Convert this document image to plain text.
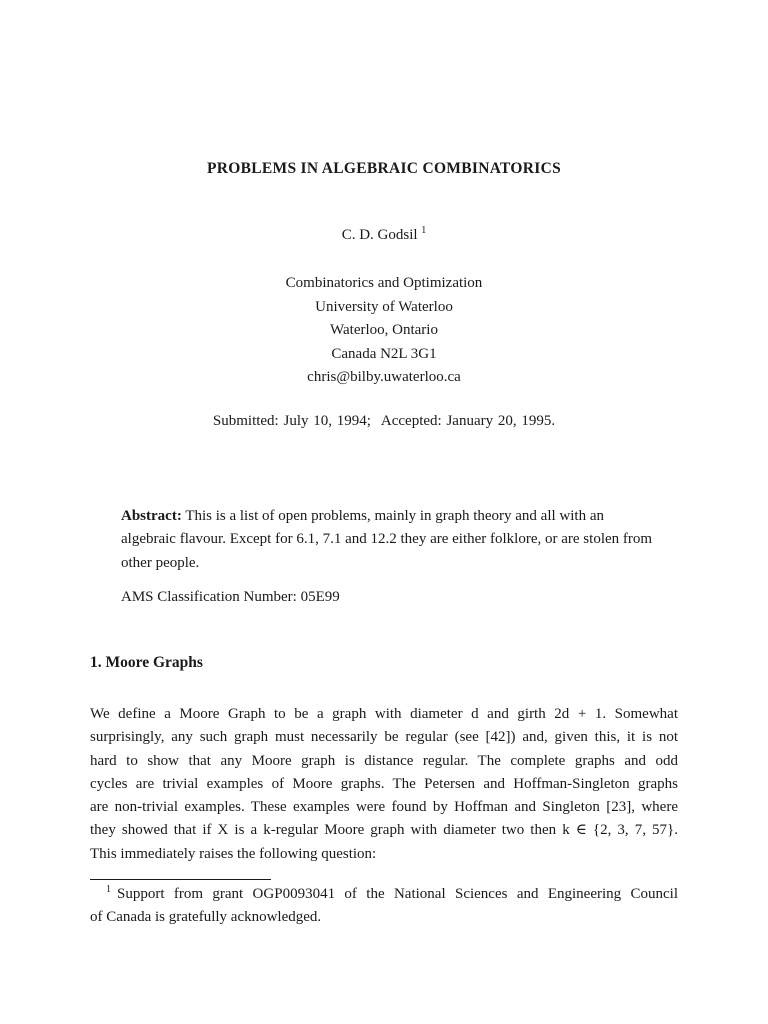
PROBLEMS IN ALGEBRAIC COMBINATORICS
C. D. Godsil $^1$
Combinatorics and Optimization
University of Waterloo
Waterloo, Ontario
Canada N2L 3G1
chris@bilby.uwaterloo.ca
Submitted: July 10, 1994; Accepted: January 20, 1995.
Abstract: This is a list of open problems, mainly in graph theory and all with an algebraic flavour. Except for 6.1, 7.1 and 12.2 they are either folklore, or are stolen from other people.
AMS Classification Number: 05E99
1. Moore Graphs
We define a Moore Graph to be a graph with diameter d and girth 2d + 1. Somewhat
surprisingly, any such graph must necessarily be regular (see [42]) and, given this, it is not
hard to show that any Moore graph is distance regular. The complete graphs and odd
cycles are trivial examples of Moore graphs. The Petersen and Hoffman-Singleton graphs
are non-trivial examples. These examples were found by Hoffman and Singleton [23], where
they showed that if X is a k-regular Moore graph with diameter two then k ∈ {2, 3, 7, 57}.
This immediately raises the following question:
$^1$ Support from grant OGP0093041 of the National Sciences and Engineering Council
of Canada is gratefully acknowledged.
